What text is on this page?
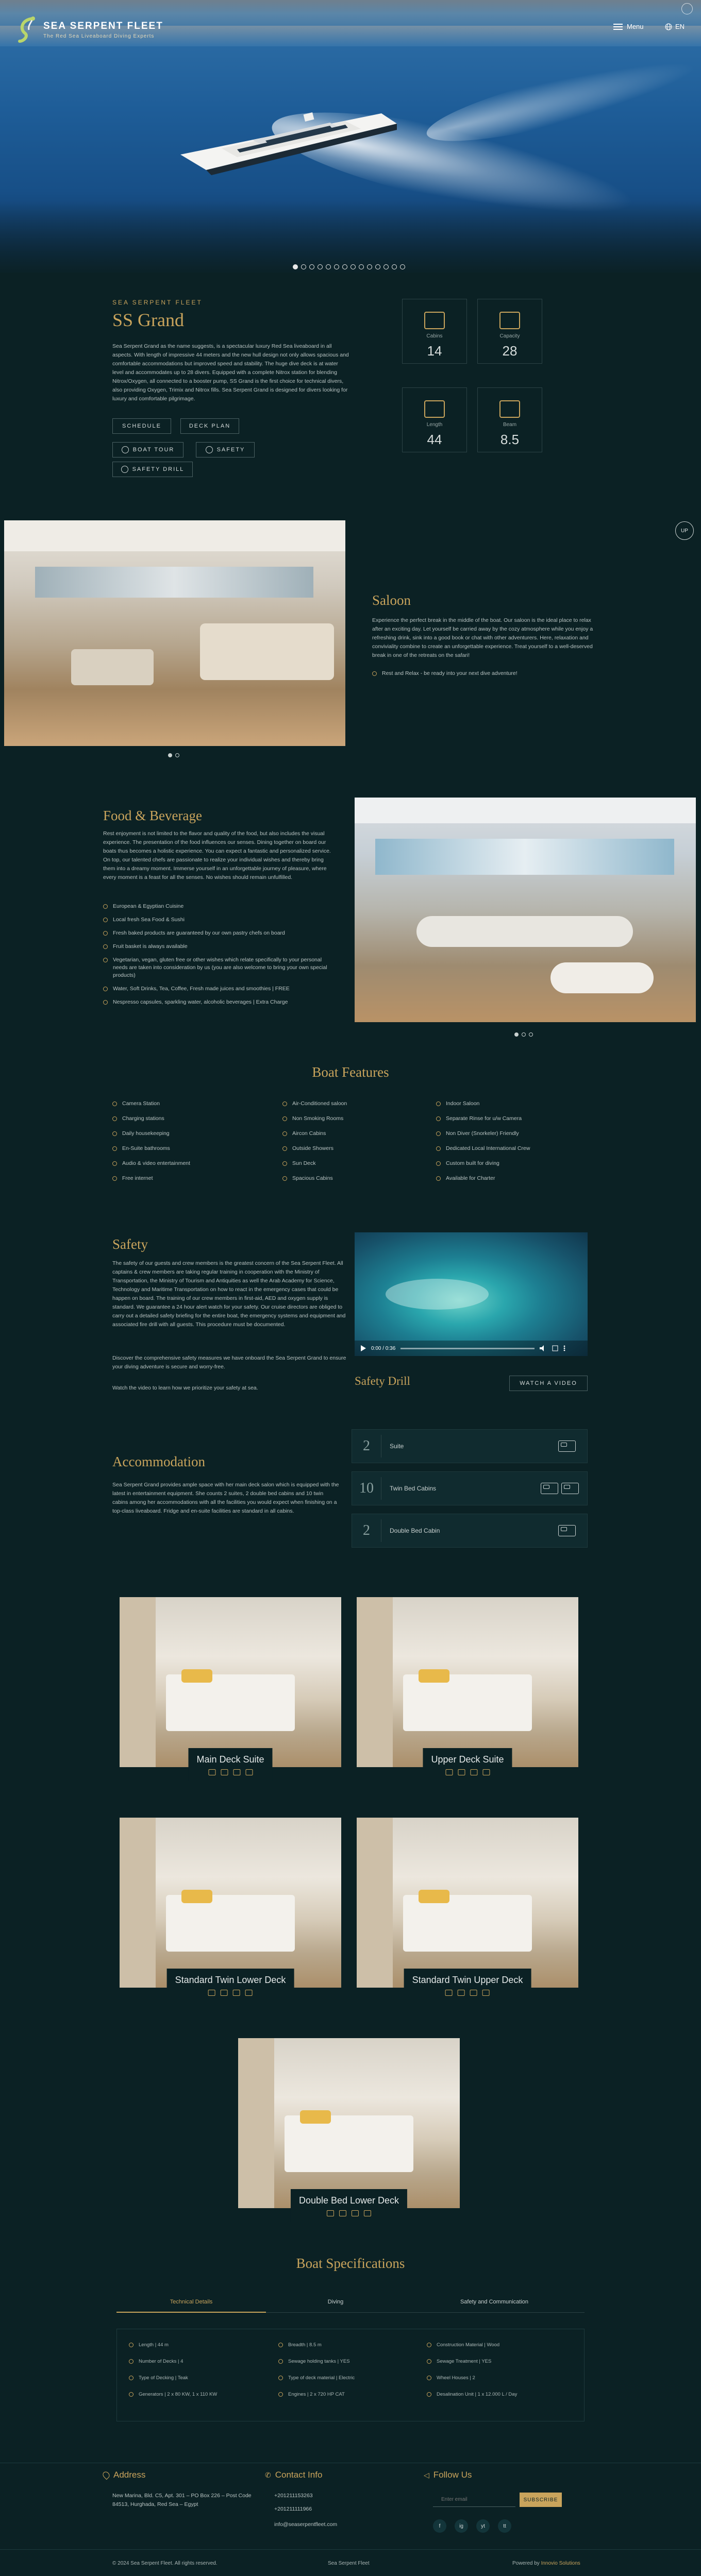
SEA SERPENT FLEET
The Red Sea Liveaboard Diving Experts
Menu	EN
SEA SERPENT FLEET
SS Grand
Sea Serpent Grand as the name suggests, is a spectacular luxury Red Sea liveaboard in all aspects. With length of impressive 44 meters and the new hull design not only allows spacious and comfortable accommodations but improved speed and stability. The huge dive deck is at water level and accommodates up to 28 divers. Equipped with a complete Nitrox station for blending Nitrox/Oxygen, all connected to a booster pump, SS Grand is the first choice for technical divers, also providing Oxygen, Trimix and Nitrox fills. Sea Serpent Grand is designed for divers looking for luxury and comfortable pilgrimage.
SCHEDULE	DECK PLAN
BOAT TOUR	SAFETY
SAFETY DRILL
Cabins
14
Capacity
28
Length
44
Beam
8.5
UP
Saloon
Experience the perfect break in the middle of the boat. Our saloon is the ideal place to relax after an exciting day. Let yourself be carried away by the cozy atmosphere while you enjoy a refreshing drink, sink into a good book or chat with other adventurers. Here, relaxation and conviviality combine to create an unforgettable experience. Treat yourself to a well-deserved break in one of the retreats on the safari!
Rest and Relax - be ready into your next dive adventure!
Food & Beverage
Rest enjoyment is not limited to the flavor and quality of the food, but also includes the visual experience. The presentation of the food influences our senses. Dining together on board our boats thus becomes a holistic experience. You can expect a fantastic and personalized service. On top, our talented chefs are passionate to realize your individual wishes and thereby bring them into a dreamy moment. Immerse yourself in an unforgettable journey of pleasure, where every moment is a feast for all the senses. No wishes should remain unfulfilled.
European & Egyptian Cuisine
Local fresh Sea Food & Sushi
Fresh baked products are guaranteed by our own pastry chefs on board
Fruit basket is always available
Vegetarian, vegan, gluten free or other wishes which relate specifically to your personal needs are taken into consideration by us (you are also welcome to bring your own special products)
Water, Soft Drinks, Tea, Coffee, Fresh made juices and smoothies | FREE
Nespresso capsules, sparkling water, alcoholic beverages | Extra Charge
Boat Features
Camera Station
Charging stations
Daily housekeeping
En-Suite bathrooms
Audio & video entertainment
Free internet
Air-Conditioned saloon
Non Smoking Rooms
Aircon Cabins
Outside Showers
Sun Deck
Spacious Cabins
Indoor Saloon
Separate Rinse for u/w Camera
Non Diver (Snorkeler) Friendly
Dedicated Local International Crew
Custom built for diving
Available for Charter
Safety
The safety of our guests and crew members is the greatest concern of the Sea Serpent Fleet. All captains & crew members are taking regular training in cooperation with the Ministry of Transportation, the Ministry of Tourism and Antiquities as well the Arab Academy for Science, Technology and Maritime Transportation on how to react in the emergency cases that could be happen on board. The training of our crew members in first-aid, AED and oxygen supply is standard. We guarantee a 24 hour alert watch for your safety. Our cruise directors are obliged to carry out a detailed safety briefing for the entire boat, the emergency systems and equipment and associated fire drill with all guests. This procedure must be documented.
Discover the comprehensive safety measures we have onboard the Sea Serpent Grand to ensure your diving adventure is secure and worry-free.
Watch the video to learn how we prioritize your safety at sea.
0:00 / 0:36
Safety Drill	WATCH A VIDEO
Accommodation
Sea Serpent Grand provides ample space with her main deck salon which is equipped with the latest in entertainment equipment. She counts 2 suites, 2 double bed cabins and 10 twin cabins among her accommodations with all the facilities you would expect when finishing on a top-class liveaboard. Fridge and en-suite facilities are standard in all cabins.
2	Suite
10	Twin Bed Cabins
2	Double Bed Cabin
Main Deck Suite	Upper Deck Suite
Standard Twin Lower Deck	Standard Twin Upper Deck
Double Bed Lower Deck
Boat Specifications
Technical Details	Diving	Safety and Communication
Length | 44 m
Number of Decks | 4
Type of Decking | Teak
Generators | 2 x 80 KW, 1 x 110 KW
Breadth | 8.5 m
Sewage holding tanks | YES
Type of deck material | Electric
Engines | 2 x 720 HP CAT
Construction Material | Wood
Sewage Treatment | YES
Wheel Houses | 2
Desalination Unit | 1 x 12.000 L / Day
Address
New Marina, Bld. C5, Apt. 301 – PO Box 226 – Post Code 84513, Hurghada, Red Sea – Egypt
✆ Contact Info
+201211153263
+201211111966
info@seaserpentfleet.com
◁ Follow Us
Enter email
SUBSCRIBE
f	ig	yt	tt
© 2024 Sea Serpent Fleet. All rights reserved.	Sea Serpent Fleet	Powered by Innovio Solutions
